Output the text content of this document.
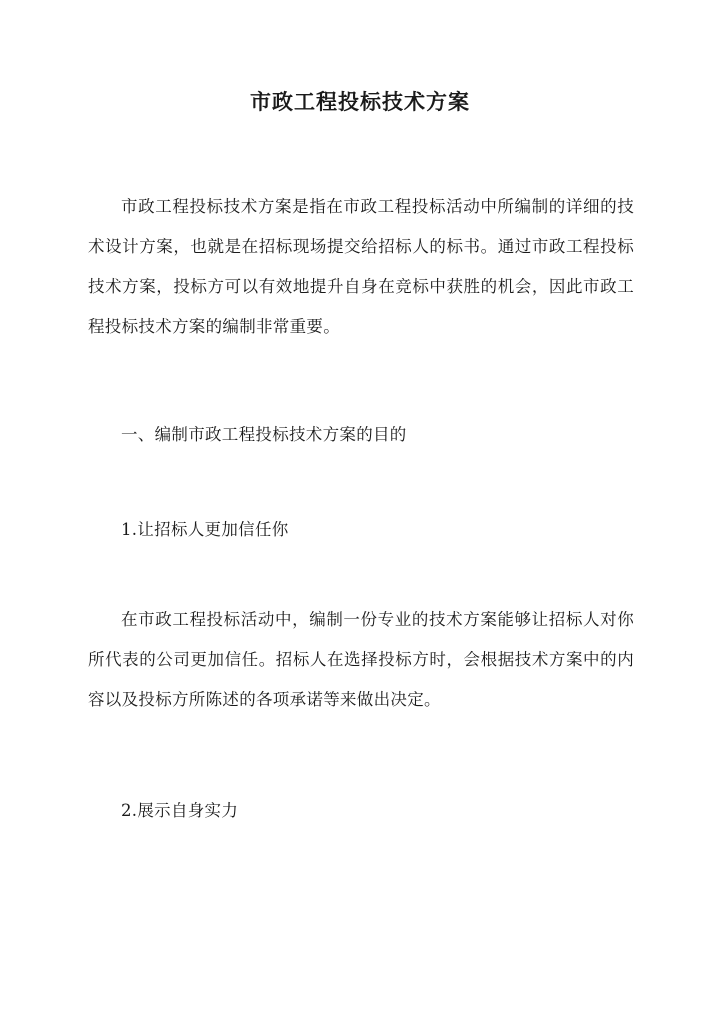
市政工程投标技术方案

市政工程投标技术方案是指在市政工程投标活动中所编制的详细的技术设计方案，也就是在招标现场提交给招标人的标书。通过市政工程投标技术方案，投标方可以有效地提升自身在竞标中获胜的机会，因此市政工程投标技术方案的编制非常重要。

一、编制市政工程投标技术方案的目的
1.让招标人更加信任你

在市政工程投标活动中，编制一份专业的技术方案能够让招标人对你所代表的公司更加信任。招标人在选择投标方时，会根据技术方案中的内容以及投标方所陈述的各项承诺等来做出决定。

2.展示自身实力
